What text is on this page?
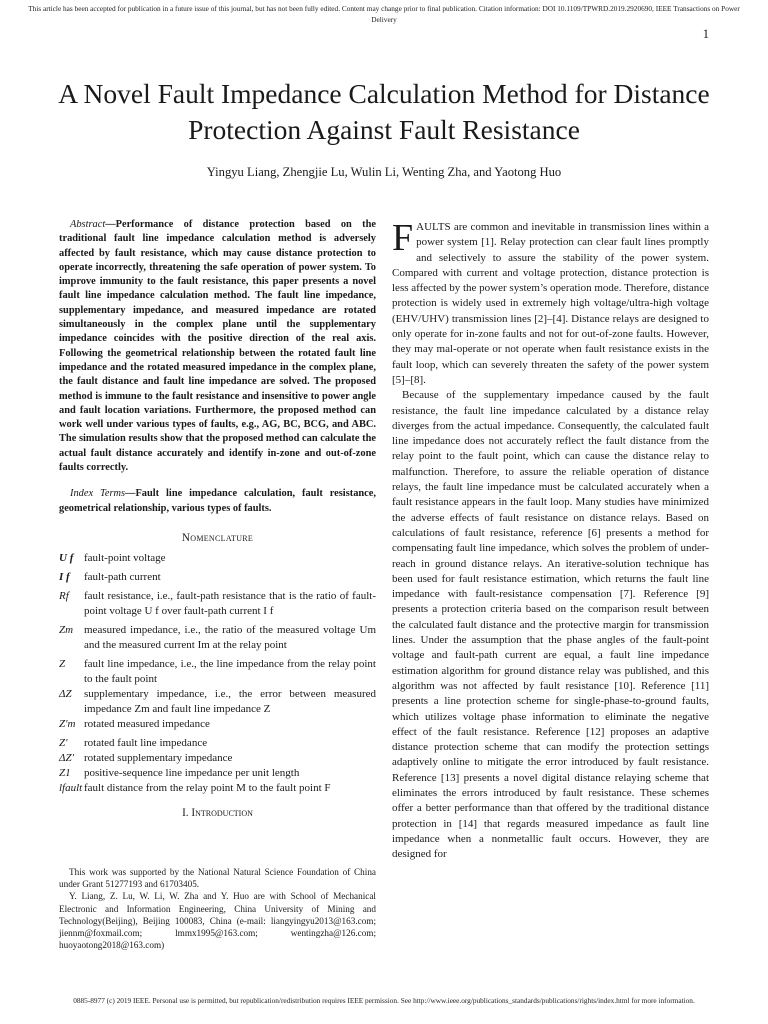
This article has been accepted for publication in a future issue of this journal, but has not been fully edited. Content may change prior to final publication. Citation information: DOI 10.1109/TPWRD.2019.2920690, IEEE Transactions on Power Delivery
1
A Novel Fault Impedance Calculation Method for Distance Protection Against Fault Resistance
Yingyu Liang, Zhengjie Lu, Wulin Li, Wenting Zha, and Yaotong Huo

Abstract—Performance of distance protection based on the traditional fault line impedance calculation method is adversely affected by fault resistance, which may cause distance protection to operate incorrectly, threatening the safe operation of power system. To improve immunity to the fault resistance, this paper presents a novel fault line impedance calculation method. The fault line impedance, supplementary impedance, and measured impedance are rotated simultaneously in the complex plane until the supplementary impedance coincides with the positive direction of the real axis. Following the geometrical relationship between the rotated fault line impedance and the rotated measured impedance in the complex plane, the fault distance and fault line impedance are solved. The proposed method is immune to the fault resistance and insensitive to power angle and fault location variations. Furthermore, the proposed method can work well under various types of faults, e.g., AG, BC, BCG, and ABC. The simulation results show that the proposed method can calculate the actual fault distance accurately and identify in-zone and out-of-zone faults correctly.

Index Terms—Fault line impedance calculation, fault resistance, geometrical relationship, various types of faults.

Nomenclature
U f fault-point voltage
I f	fault-path current
Rf	fault resistance, i.e., fault-path resistance that is the ratio of fault-point voltage U f over fault-path current I f
Zm measured impedance, i.e., the ratio of the measured voltage Um and the measured current Im at the relay point
Z	fault line impedance, i.e., the line impedance from the relay point to the fault point
ΔZ	supplementary impedance, i.e., the error between measured impedance Zm and fault line impedance Z
Z′m rotated measured impedance
Z′	rotated fault line impedance
ΔZ′ rotated supplementary impedance
Z1	positive-sequence line impedance per unit length
lfault fault distance from the relay point M to the fault point F
I. Introduction

This work was supported by the National Natural Science Foundation of China under Grant 51277193 and 61703405.

Y. Liang, Z. Lu, W. Li, W. Zha and Y. Huo are with School of Mechanical Electronic and Information Engineering, China University of Mining and Technology(Beijing), Beijing 100083, China (e-mail: liangyingyu2013@163.com; jiennm@foxmail.com; lmmx1995@163.com; wentingzha@126.com; huoyaotong2018@163.com)

FAULTS are common and inevitable in transmission lines within a power system [1]. Relay protection can clear fault lines promptly and selectively to assure the stability of the power system. Compared with current and voltage protection, distance protection is less affected by the power system’s operation mode. Therefore, distance protection is widely used in extremely high voltage/ultra-high voltage (EHV/UHV) transmission lines [2]–[4]. Distance relays are designed to only operate for in-zone faults and not for out-of-zone faults. However, they may mal-operate or not operate when fault resistance exists in the fault loop, which can severely threaten the safety of the power system [5]–[8].

Because of the supplementary impedance caused by the fault resistance, the fault line impedance calculated by a distance relay diverges from the actual impedance. Consequently, the calculated fault line impedance does not accurately reflect the fault distance from the relay point to the fault point, which can cause the distance relay to malfunction. Therefore, to assure the reliable operation of distance relays, the fault line impedance must be calculated accurately when a fault resistance appears in the fault loop. Many studies have minimized the adverse effects of fault resistance on distance relays. Based on calculations of fault resistance, reference [6] presents a method for compensating fault line impedance, which solves the problem of under-reach in ground distance relays. An iterative-solution technique has been used for fault resistance estimation, which returns the fault line impedance with fault-resistance compensation [7]. Reference [9] presents a protection criteria based on the comparison result between the calculated fault distance and the protective margin for transmission lines. Under the assumption that the phase angles of the fault-point voltage and fault-path current are equal, a fault line impedance estimation algorithm for ground distance relay was published, and this algorithm was not affected by fault resistance [10]. Reference [11] presents a line protection scheme for single-phase-to-ground faults, which utilizes voltage phase information to eliminate the negative effect of the fault resistance. Reference [12] proposes an adaptive distance protection scheme that can modify the protection settings adaptively online to mitigate the error introduced by fault resistance. Reference [13] presents a novel digital distance relaying scheme that eliminates the errors introduced by fault resistance. These schemes offer a better performance than that offered by the traditional distance protection in [14] that regards measured impedance as fault line impedance when a nonmetallic fault occurs. However, they are designed for

0885-8977 (c) 2019 IEEE. Personal use is permitted, but republication/redistribution requires IEEE permission. See http://www.ieee.org/publications_standards/publications/rights/index.html for more information.
